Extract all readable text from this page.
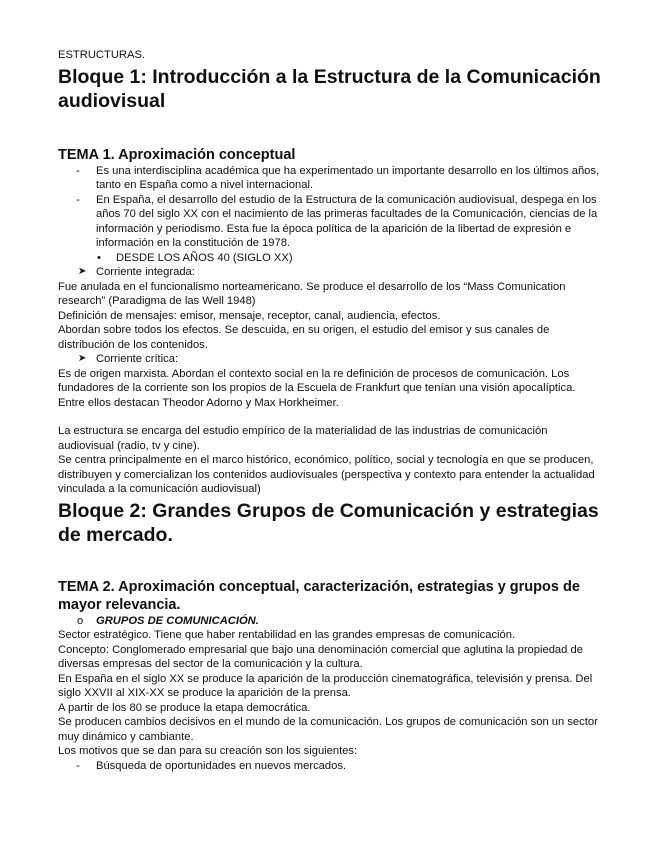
ESTRUCTURAS.

Bloque 1: Introducción a la Estructura de la Comunicación audiovisual
TEMA 1. Aproximación conceptual
- Es una interdisciplina académica que ha experimentado un importante desarrollo en los últimos años, tanto en España como a nivel internacional.
- En España, el desarrollo del estudio de la Estructura de la comunicación audiovisual, despega en los años 70 del siglo XX con el nacimiento de las primeras facultades de la Comunicación, ciencias de la información y periodismo. Esta fue la época política de la aparición de la libertad de expresión e información en la constitución de 1978.
• DESDE LOS AÑOS 40 (SIGLO XX)
➤ Corriente integrada:

Fue anulada en el funcionalismo norteamericano. Se produce el desarrollo de los “Mass Comunication research” (Paradigma de las Well 1948)

Definición de mensajes: emisor, mensaje, receptor, canal, audiencia, efectos.

Abordan sobre todos los efectos. Se descuida, en su origen, el estudio del emisor y sus canales de distribución de los contenidos.

➤ Corriente crítica:

Es de origen marxista. Abordan el contexto social en la re definición de procesos de comunicación. Los fundadores de la corriente son los propios de la Escuela de Frankfurt que tenían una visión apocalíptica. Entre ellos destacan Theodor Adorno y Max Horkheimer.

La estructura se encarga del estudio empírico de la materialidad de las industrias de comunicación audiovisual (radio, tv y cine).

Se centra principalmente en el marco histórico, económico, político, social y tecnología en que se producen, distribuyen y comercializan los contenidos audiovisuales (perspectiva y contexto para entender la actualidad vinculada a la comunicación audiovisual)

Bloque 2: Grandes Grupos de Comunicación y estrategias de mercado.
TEMA 2. Aproximación conceptual, caracterización, estrategias y grupos de mayor relevancia.
o GRUPOS DE COMUNICACIÓN.

Sector estratégico. Tiene que haber rentabilidad en las grandes empresas de comunicación.

Concepto: Conglomerado empresarial que bajo una denominación comercial que aglutina la propiedad de diversas empresas del sector de la comunicación y la cultura.

En España en el siglo XX se produce la aparición de la producción cinematográfica, televisión y prensa. Del siglo XXVII al XIX-XX se produce la aparición de la prensa.

A partir de los 80 se produce la etapa democrática.

Se producen cambios decisivos en el mundo de la comunicación. Los grupos de comunicación son un sector muy dinámico y cambiante.

Los motivos que se dan para su creación son los siguientes:

- Búsqueda de oportunidades en nuevos mercados.
